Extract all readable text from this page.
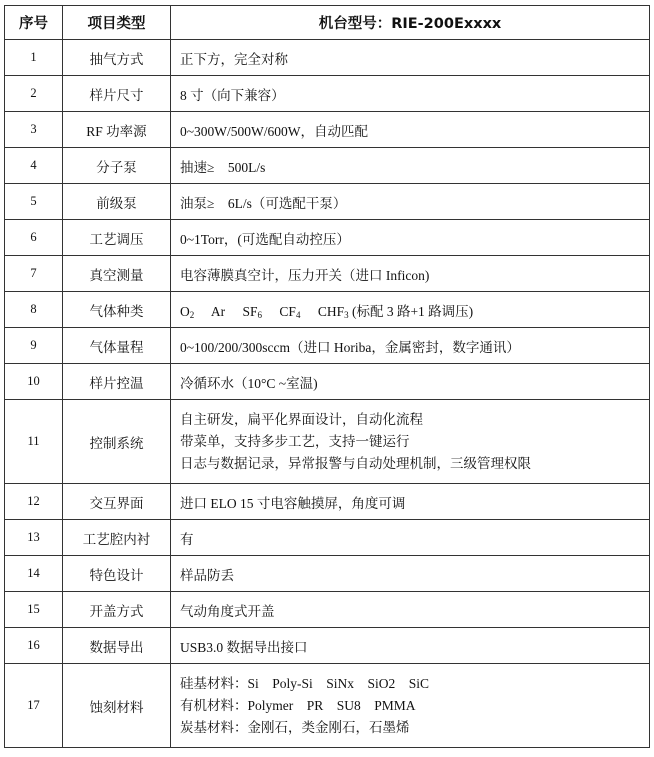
序号	项目类型	机台型号：RIE-200Exxxx
1	抽气方式	正下方，完全对称
2	样片尺寸	8 寸（向下兼容）
3	RF 功率源	0~300W/500W/600W，自动匹配
4	分子泵	抽速≥　500L/s
5	前级泵	油泵≥　6L/s（可选配干泵）
6	工艺调压	0~1Torr，(可选配自动控压）
7	真空测量	电容薄膜真空计，压力开关（进口 Inficon)
8	气体种类	$O_2$ Ar $SF_6$ $CF_4$ $CHF_3$ (标配 3 路+1 路调压)
9	气体量程	0~100/200/300sccm（进口 Horiba，金属密封，数字通讯）
10	样片控温	冷循环水（10°C ~室温)
11	控制系统	自主研发，扁平化界面设计，自动化流程
带菜单，支持多步工艺，支持一键运行
日志与数据记录，异常报警与自动处理机制，三级管理权限

12	交互界面	进口 ELO 15 寸电容触摸屏，角度可调
13	工艺腔内衬	有
14	特色设计	样品防丢
15	开盖方式	气动角度式开盖
16	数据导出	USB3.0 数据导出接口
17	蚀刻材料	硅基材料：Si　Poly-Si　SiNx　SiO2　SiC
有机材料：Polymer　PR　SU8　PMMA
炭基材料：金刚石，类金刚石，石墨烯
